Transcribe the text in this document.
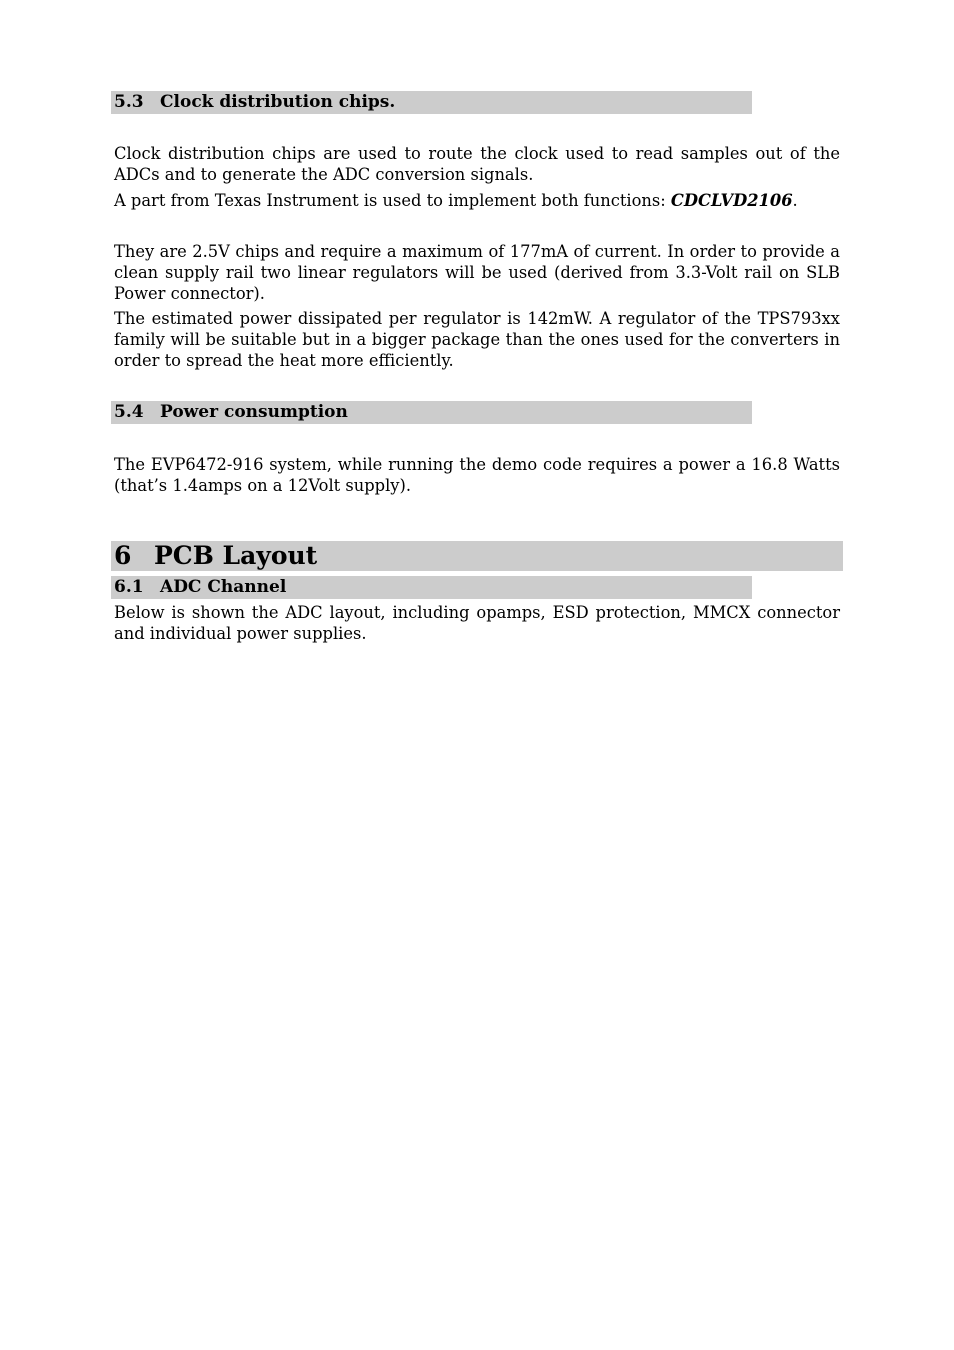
5.3 Clock distribution chips.

Clock distribution chips are used to route the clock used to read samples out of the ADCs and to generate the ADC conversion signals.

A part from Texas Instrument is used to implement both functions: CDCLVD2106.

They are 2.5V chips and require a maximum of 177mA of current. In order to provide a clean supply rail two linear regulators will be used (derived from 3.3-Volt rail on SLB Power connector).

The estimated power dissipated per regulator is 142mW. A regulator of the TPS793xx family will be suitable but in a bigger package than the ones used for the converters in order to spread the heat more efficiently.

5.4 Power consumption

The EVP6472-916 system, while running the demo code requires a power a 16.8 Watts (that’s 1.4amps on a 12Volt supply).

6 PCB Layout
6.1 ADC Channel

Below is shown the ADC layout, including opamps, ESD protection, MMCX connector and individual power supplies.
